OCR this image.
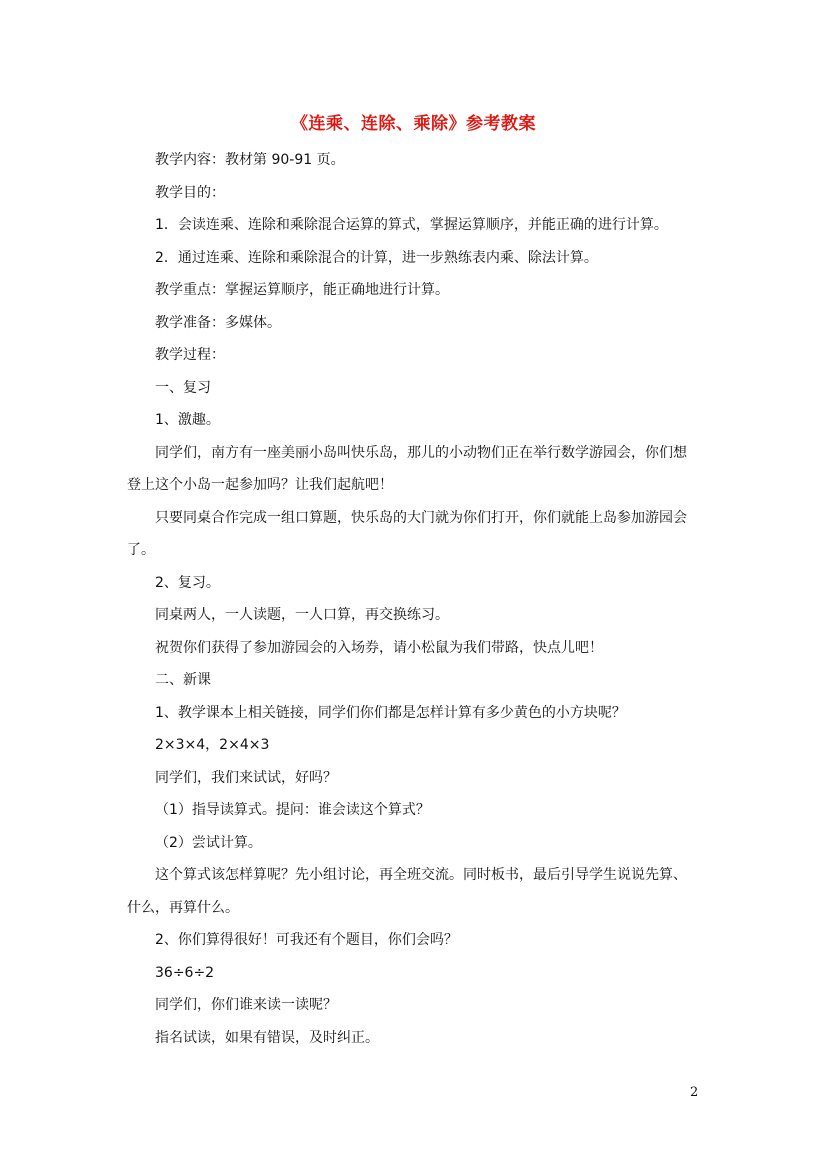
《连乘、连除、乘除》参考教案
教学内容：教材第 90-91 页。
教学目的：
1．会读连乘、连除和乘除混合运算的算式，掌握运算顺序，并能正确的进行计算。
2．通过连乘、连除和乘除混合的计算，进一步熟练表内乘、除法计算。
教学重点：掌握运算顺序，能正确地进行计算。
教学准备：多媒体。
教学过程：
一、复习
1、激趣。
同学们，南方有一座美丽小岛叫快乐岛，那儿的小动物们正在举行数学游园会，你们想
登上这个小岛一起参加吗？让我们起航吧！
只要同桌合作完成一组口算题，快乐岛的大门就为你们打开，你们就能上岛参加游园会
了。
2、复习。
同桌两人，一人读题，一人口算，再交换练习。
祝贺你们获得了参加游园会的入场券，请小松鼠为我们带路，快点儿吧！
二、新课
1、教学课本上相关链接，同学们你们都是怎样计算有多少黄色的小方块呢？
2×3×4，2×4×3
同学们，我们来试试，好吗？
（1）指导读算式。提问：谁会读这个算式？
（2）尝试计算。
这个算式该怎样算呢？先小组讨论，再全班交流。同时板书，最后引导学生说说先算、
什么，再算什么。
2、你们算得很好！可我还有个题目，你们会吗？
36÷6÷2
同学们，你们谁来读一读呢？
指名试读，如果有错误，及时纠正。
2
